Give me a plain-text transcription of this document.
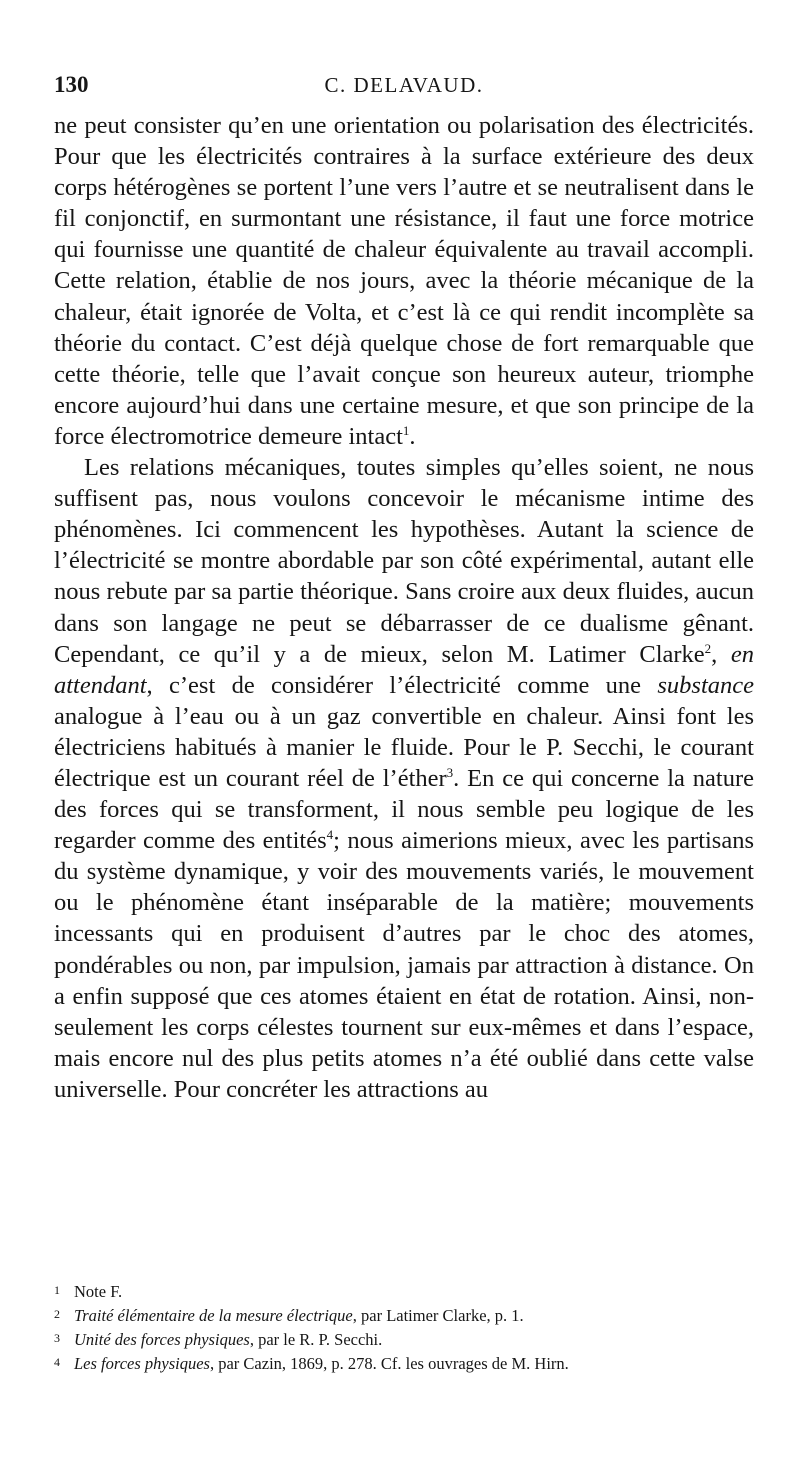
130	C. DELAVAUD.

ne peut consister qu’en une orientation ou polarisation des électricités. Pour que les électricités contraires à la surface extérieure des deux corps hétérogènes se portent l’une vers l’autre et se neutralisent dans le fil conjonctif, en surmontant une résistance, il faut une force motrice qui fournisse une quantité de chaleur équivalente au travail accompli. Cette relation, établie de nos jours, avec la théorie mécanique de la chaleur, était ignorée de Volta, et c’est là ce qui rendit incomplète sa théorie du contact. C’est déjà quelque chose de fort remarquable que cette théorie, telle que l’avait conçue son heureux auteur, triomphe encore aujourd’hui dans une certaine mesure, et que son principe de la force électromotrice demeure intact$^1$.

Les relations mécaniques, toutes simples qu’elles soient, ne nous suffisent pas, nous voulons concevoir le mécanisme intime des phénomènes. Ici commencent les hypothèses. Autant la science de l’électricité se montre abordable par son côté expérimental, autant elle nous rebute par sa partie théorique. Sans croire aux deux fluides, aucun dans son langage ne peut se débarrasser de ce dualisme gênant. Cependant, ce qu’il y a de mieux, selon M. Latimer Clarke$^2$, en attendant, c’est de considérer l’électricité comme une substance analogue à l’eau ou à un gaz convertible en chaleur. Ainsi font les électriciens habitués à manier le fluide. Pour le P. Secchi, le courant électrique est un courant réel de l’éther$^3$. En ce qui concerne la nature des forces qui se transforment, il nous semble peu logique de les regarder comme des entités$^4$; nous aimerions mieux, avec les partisans du système dynamique, y voir des mouvements variés, le mouvement ou le phénomène étant inséparable de la matière; mouvements incessants qui en produisent d’autres par le choc des atomes, pondérables ou non, par impulsion, jamais par attraction à distance. On a enfin supposé que ces atomes étaient en état de rotation. Ainsi, non-seulement les corps célestes tournent sur eux-mêmes et dans l’espace, mais encore nul des plus petits atomes n’a été oublié dans cette valse universelle. Pour concréter les attractions au

1 Note F.
2 Traité élémentaire de la mesure électrique, par Latimer Clarke, p. 1.
3 Unité des forces physiques, par le R. P. Secchi.
4 Les forces physiques, par Cazin, 1869, p. 278. Cf. les ouvrages de M. Hirn.
